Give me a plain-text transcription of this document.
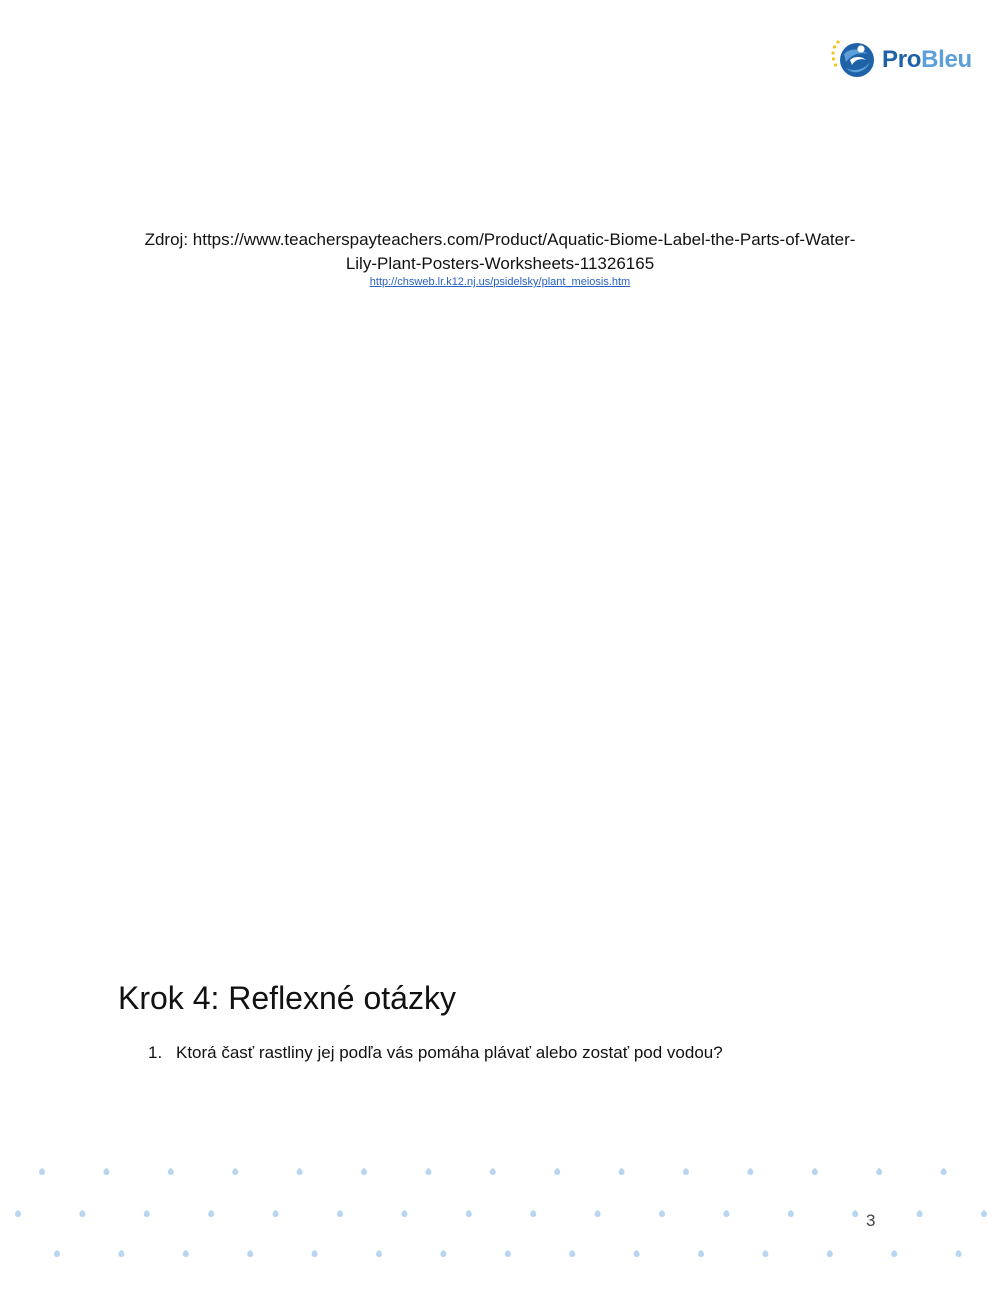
ProBleu
Zdroj: https://www.teacherspayteachers.com/Product/Aquatic-Biome-Label-the-Parts-of-Water-
Lily-Plant-Posters-Worksheets-11326165
http://chsweb.lr.k12.nj.us/psidelsky/plant_meiosis.htm
Krok 4: Reflexné otázky
1. Ktorá časť rastliny jej podľa vás pomáha plávať alebo zostať pod vodou?
3
